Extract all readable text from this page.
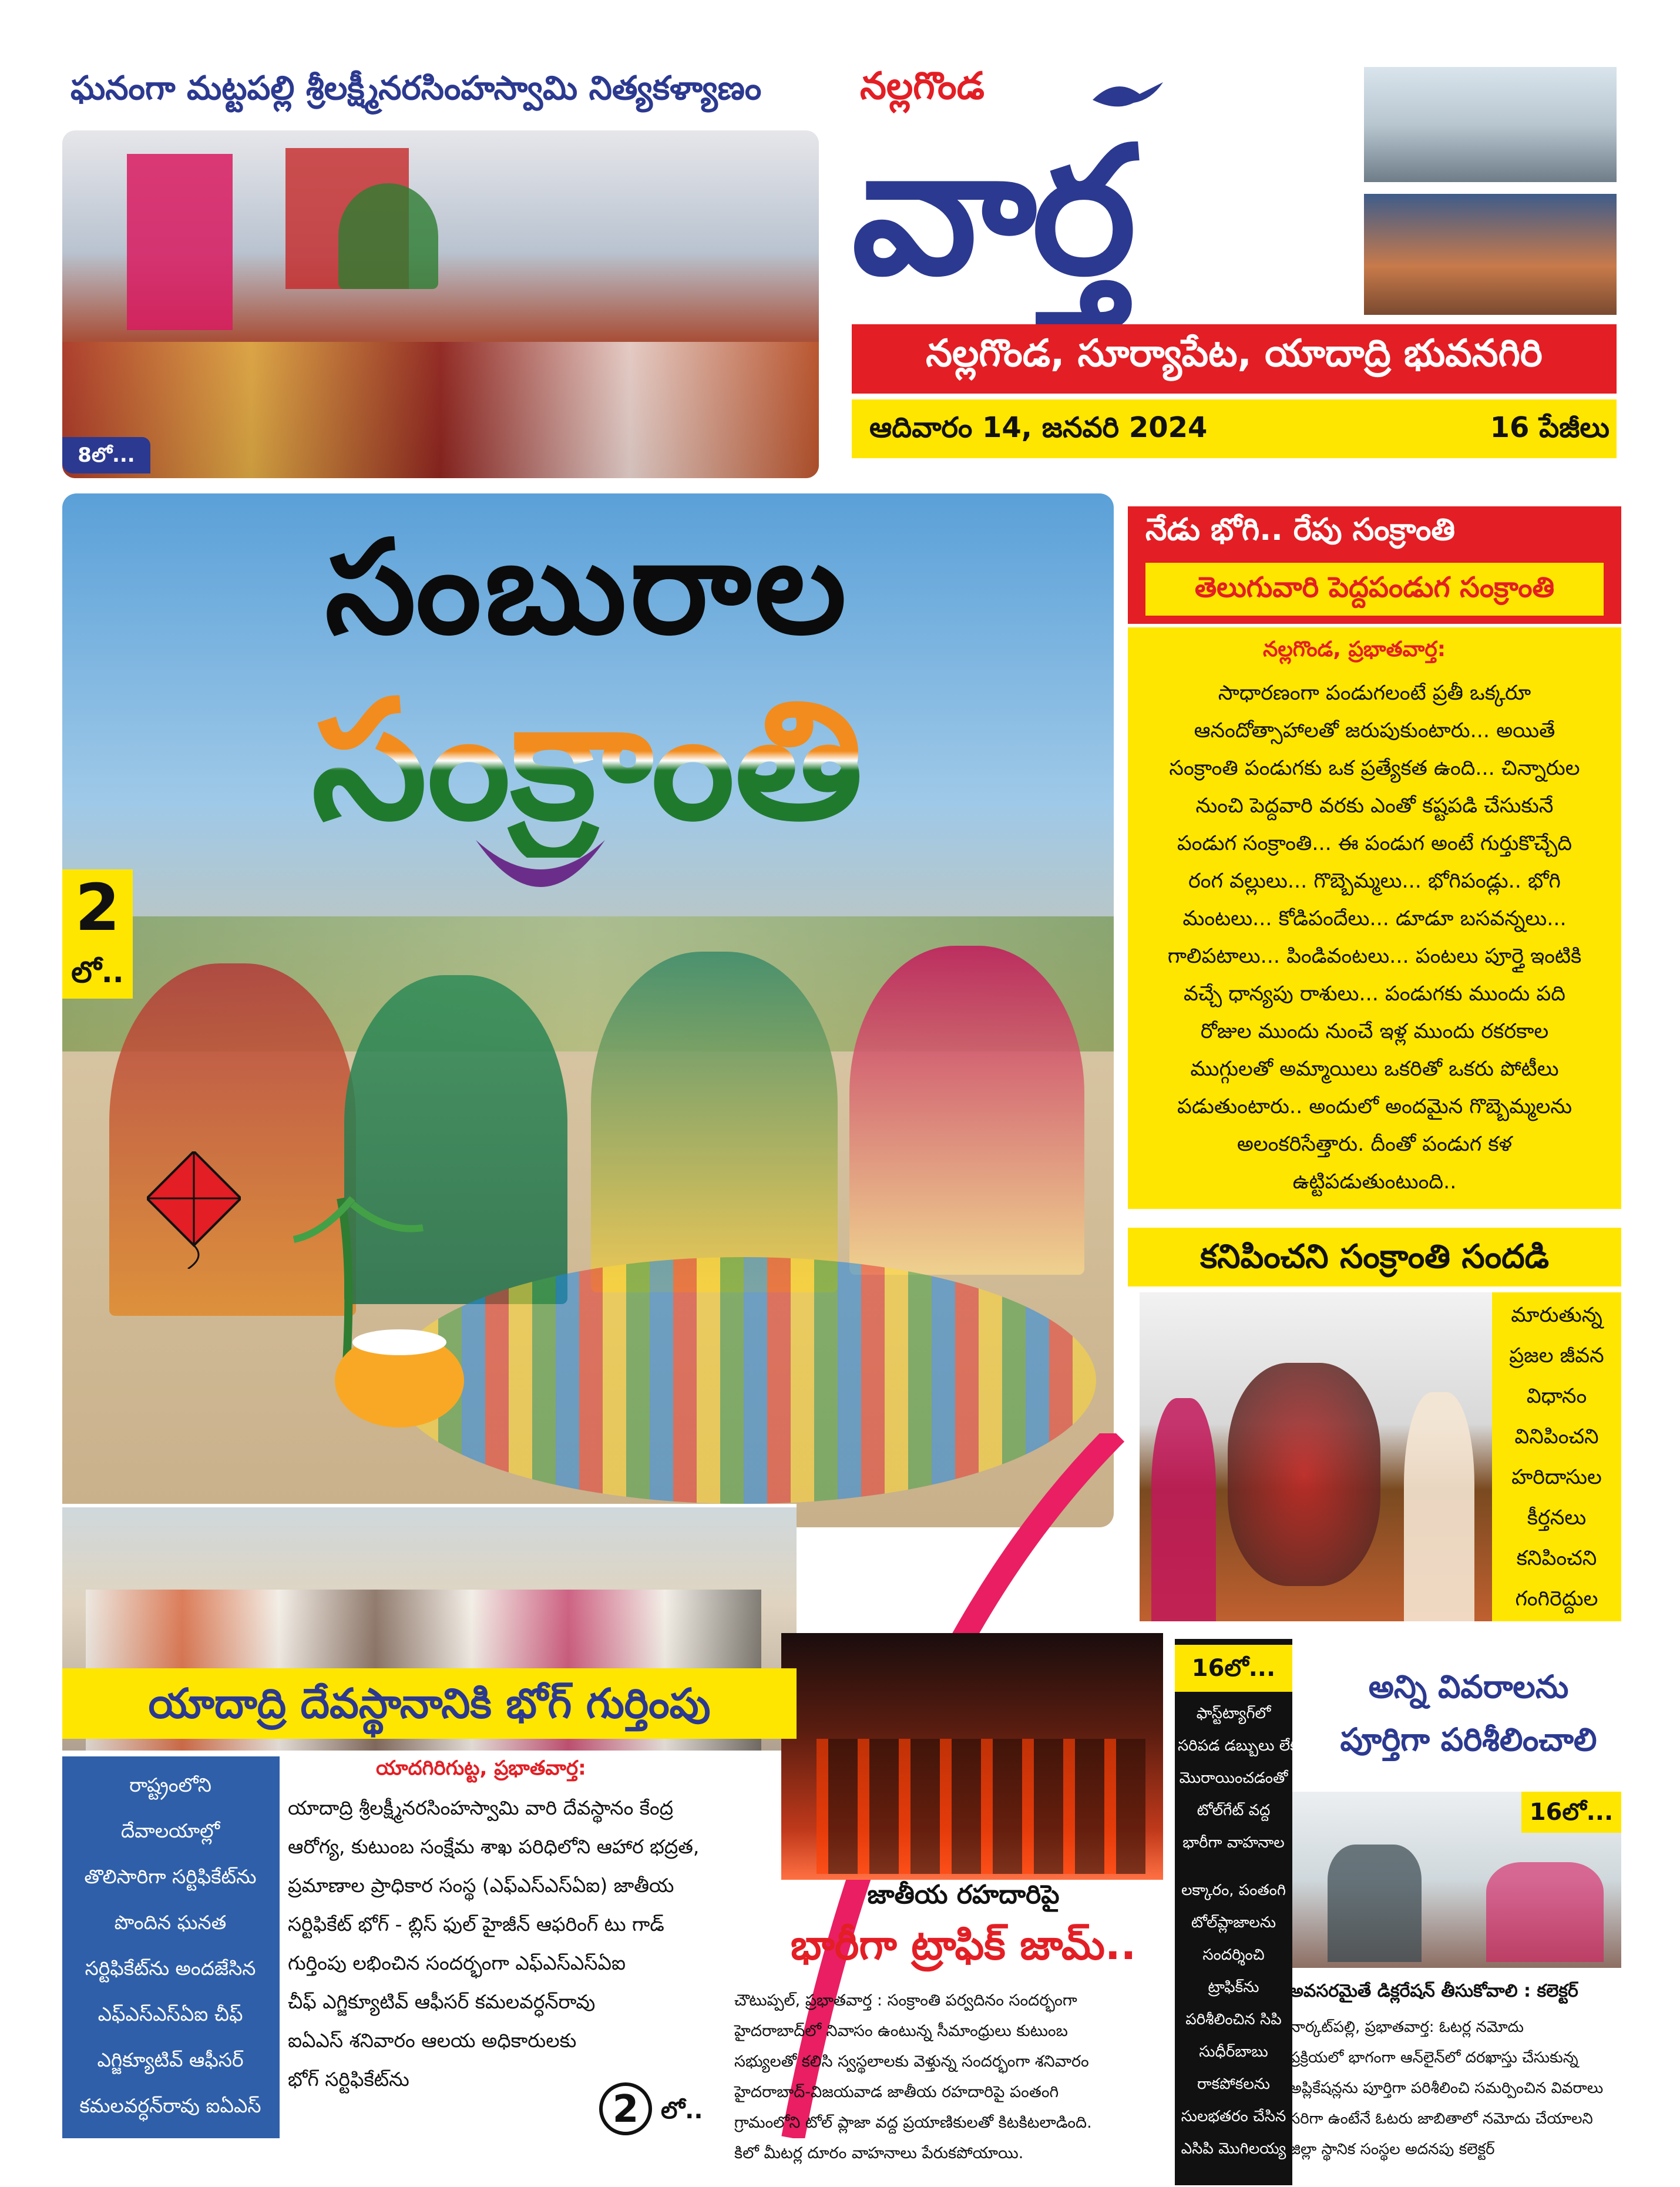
ఘనంగా మట్టపల్లి శ్రీలక్ష్మీనరసింహస్వామి నిత్యకళ్యాణం
8లో...
నల్లగొండ
వార్త
నల్లగొండ, సూర్యాపేట, యాదాద్రి భువనగిరి
ఆదివారం 14, జనవరి 2024	16 పేజీలు
సంబురాల
సంక్రాంతి
2
లో..
నేడు భోగి.. రేపు సంక్రాంతి
తెలుగువారి పెద్దపండుగ సంక్రాంతి
నల్లగొండ, ప్రభాతవార్త:
సాధారణంగా పండుగలంటే ప్రతీ ఒక్కరూ
ఆనందోత్సాహాలతో జరుపుకుంటారు... అయితే
సంక్రాంతి పండుగకు ఒక ప్రత్యేకత ఉంది... చిన్నారుల
నుంచి పెద్దవారి వరకు ఎంతో కష్టపడి చేసుకునే
పండుగ సంక్రాంతి... ఈ పండుగ అంటే గుర్తుకొచ్చేది
రంగ వల్లులు... గొబ్బెమ్మలు... భోగిపండ్లు.. భోగి
మంటలు... కోడిపందేలు... డూడూ బసవన్నలు...
గాలిపటాలు... పిండివంటలు... పంటలు పూర్తై ఇంటికి
వచ్చే ధాన్యపు రాశులు... పండుగకు ముందు పది
రోజుల ముందు నుంచే ఇళ్ల ముందు రకరకాల
ముగ్గులతో అమ్మాయిలు ఒకరితో ఒకరు పోటీలు
పడుతుంటారు.. అందులో అందమైన గొబ్బెమ్మలను
అలంకరిసేత్తారు. దీంతో పండుగ కళ
ఉట్టిపడుతుంటుంది..
కనిపించని సంక్రాంతి సందడి
మారుతున్న
ప్రజల జీవన
విధానం
వినిపించని
హరిదాసుల
కీర్తనలు
కనిపించని
గంగిరెద్దుల
యాదాద్రి దేవస్థానానికి భోగ్ గుర్తింపు
రాష్ట్రంలోని
దేవాలయాల్లో
తొలిసారిగా సర్టిఫికేట్‌ను
పొందిన ఘనత
సర్టిఫికేట్‌ను అందజేసిన
ఎఫ్ఎస్ఎస్ఏఐ చీఫ్
ఎగ్జిక్యూటివ్ ఆఫీసర్
కమలవర్ధన్‌రావు ఐఏఎస్
యాదగిరిగుట్ట, ప్రభాతవార్త:
యాదాద్రి శ్రీలక్ష్మీనరసింహస్వామి వారి దేవస్థానం కేంద్ర
ఆరోగ్య, కుటుంబ సంక్షేమ శాఖ పరిధిలోని ఆహార భద్రత,
ప్రమాణాల ప్రాధికార సంస్థ (ఎఫ్ఎస్ఎస్ఏఐ) జాతీయ
సర్టిఫికేట్ భోగ్ - బ్లిస్ ఫుల్ హైజీన్ ఆఫరింగ్ టు గాడ్
గుర్తింపు లభించిన సందర్భంగా ఎఫ్ఎస్ఎస్ఏఐ
చీఫ్ ఎగ్జిక్యూటివ్ ఆఫీసర్ కమలవర్ధన్‌రావు
ఐఏఎస్ శనివారం ఆలయ అధికారులకు
భోగ్ సర్టిఫికేట్‌ను
2 లో..
16లో...
ఫాస్ట్‌ట్యాగ్‌లో
సరిపడ డబ్బులు లేక
మొరాయించడంతో
టోల్‌గేట్ వద్ద
భారీగా వాహనాల
లక్కారం, పంతంగి
టోల్‌ప్లాజాలను
సందర్శించి
ట్రాఫిక్‌ను
పరిశీలించిన సిపి
సుధీర్‌బాబు
రాకపోకలను
సులభతరం చేసిన
ఎసిపి మొగిలయ్య
జాతీయ రహదారిపై
భారీగా ట్రాఫిక్ జామ్..
చౌటుప్పల్, ప్రభాతవార్త : సంక్రాంతి పర్వదినం సందర్భంగా
హైదరాబాద్‌లో నివాసం ఉంటున్న సీమాంధ్రులు కుటుంబ
సభ్యులతో కలిసి స్వస్థలాలకు వెళ్తున్న సందర్భంగా శనివారం
హైదరాబాద్-విజయవాడ జాతీయ రహదారిపై పంతంగి
గ్రామంలోని టోల్ ప్లాజా వద్ద ప్రయాణికులతో కిటకిటలాడింది.
కిలో మీటర్ల దూరం వాహనాలు పేరుకపోయాయి.
అన్ని వివరాలను
పూర్తిగా పరిశీలించాలి
16లో...
అవసరమైతే డిక్లరేషన్ తీసుకోవాలి : కలెక్టర్
నార్కట్‌పల్లి, ప్రభాతవార్త: ఓటర్ల నమోదు
ప్రక్రియలో భాగంగా ఆన్‌లైన్‌లో దరఖాస్తు చేసుకున్న
అప్లికేషన్లను పూర్తిగా పరిశీలించి సమర్పించిన వివరాలు
సరిగా ఉంటేనే ఓటరు జాబితాలో నమోదు చేయాలని
జిల్లా స్థానిక సంస్థల అదనపు కలెక్టర్
